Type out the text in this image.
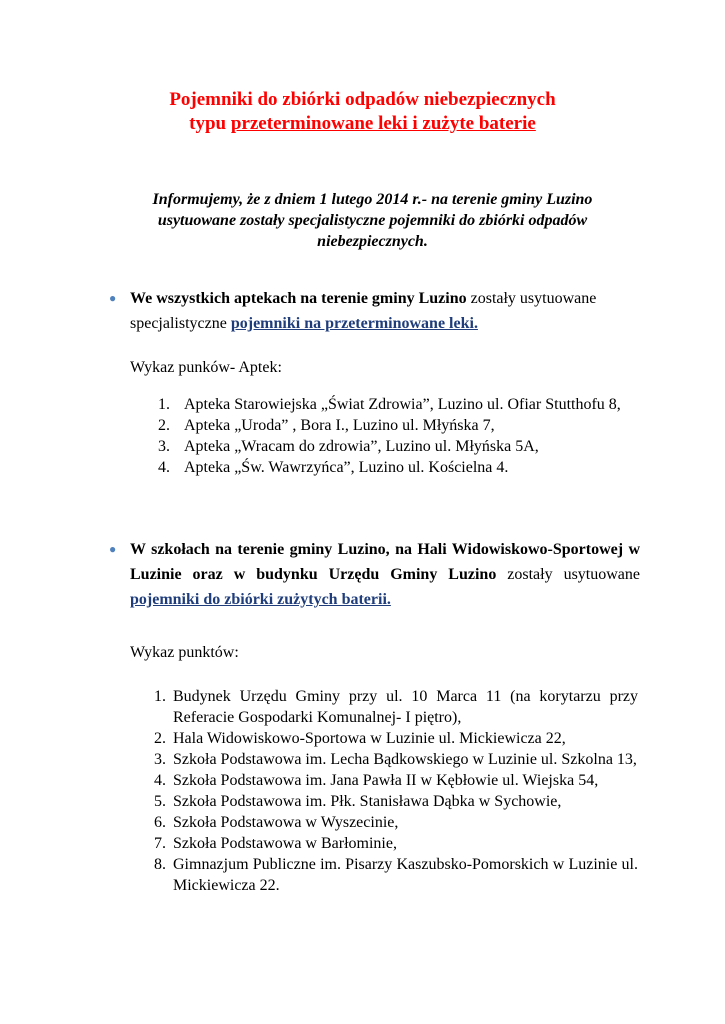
Pojemniki do zbiórki odpadów niebezpiecznych
typu przeterminowane leki i zużyte baterie
Informujemy, że z dniem 1 lutego 2014 r.- na terenie gminy Luzino
usytuowane zostały specjalistyczne pojemniki do zbiórki odpadów
niebezpiecznych.
● We wszystkich aptekach na terenie gminy Luzino zostały usytuowane
specjalistyczne pojemniki na przeterminowane leki.
Wykaz punków- Aptek:
1. Apteka Starowiejska „Świat Zdrowia”, Luzino ul. Ofiar Stutthofu 8,
2. Apteka „Uroda” , Bora I., Luzino ul. Młyńska 7,
3. Apteka „Wracam do zdrowia”, Luzino ul. Młyńska 5A,
4. Apteka „Św. Wawrzyńca”, Luzino ul. Kościelna 4.
● W szkołach na terenie gminy Luzino, na Hali Widowiskowo-Sportowej w
Luzinie oraz w budynku Urzędu Gminy Luzino zostały usytuowane
pojemniki do zbiórki zużytych baterii.
Wykaz punktów:
1. Budynek Urzędu Gminy przy ul. 10 Marca 11 (na korytarzu przy
Referacie Gospodarki Komunalnej- I piętro),
2. Hala Widowiskowo-Sportowa w Luzinie ul. Mickiewicza 22,
3. Szkoła Podstawowa im. Lecha Bądkowskiego w Luzinie ul. Szkolna 13,
4. Szkoła Podstawowa im. Jana Pawła II w Kębłowie ul. Wiejska 54,
5. Szkoła Podstawowa im. Płk. Stanisława Dąbka w Sychowie,
6. Szkoła Podstawowa w Wyszecinie,
7. Szkoła Podstawowa w Barłominie,
8. Gimnazjum Publiczne im. Pisarzy Kaszubsko-Pomorskich w Luzinie ul.
Mickiewicza 22.
